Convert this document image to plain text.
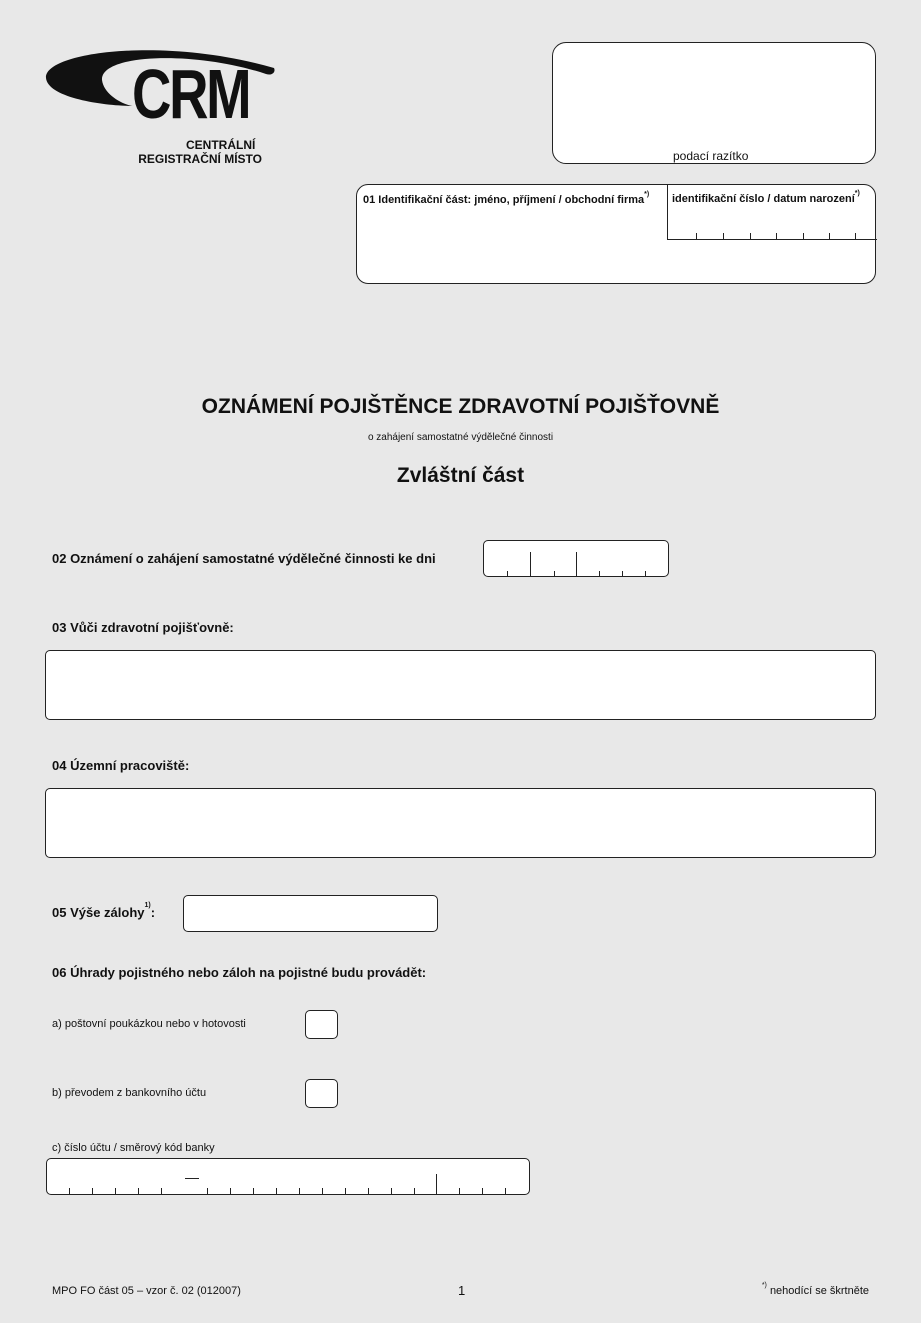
CRM
CENTRÁLNÍ
REGISTRAČNÍ MÍSTO	podací razítko
01 Identifikační část: jméno, příjmení / obchodní firma*) identifikační číslo / datum narození*)
OZNÁMENÍ POJIŠTĚNCE ZDRAVOTNÍ POJIŠŤOVNĚ
o zahájení samostatné výdělečné činnosti
Zvláštní část
02 Oznámení o zahájení samostatné výdělečné činnosti ke dni
03 Vůči zdravotní pojišťovně:
04 Územní pracoviště:
05 Výše zálohy$^{1)}$:
06 Úhrady pojistného nebo záloh na pojistné budu provádět:
a) poštovní poukázkou nebo v hotovosti
b) převodem z bankovního účtu
c) číslo účtu / směrový kód banky
—
MPO FO část 05 – vzor č. 02 (012007)	1	*) nehodící se škrtněte
